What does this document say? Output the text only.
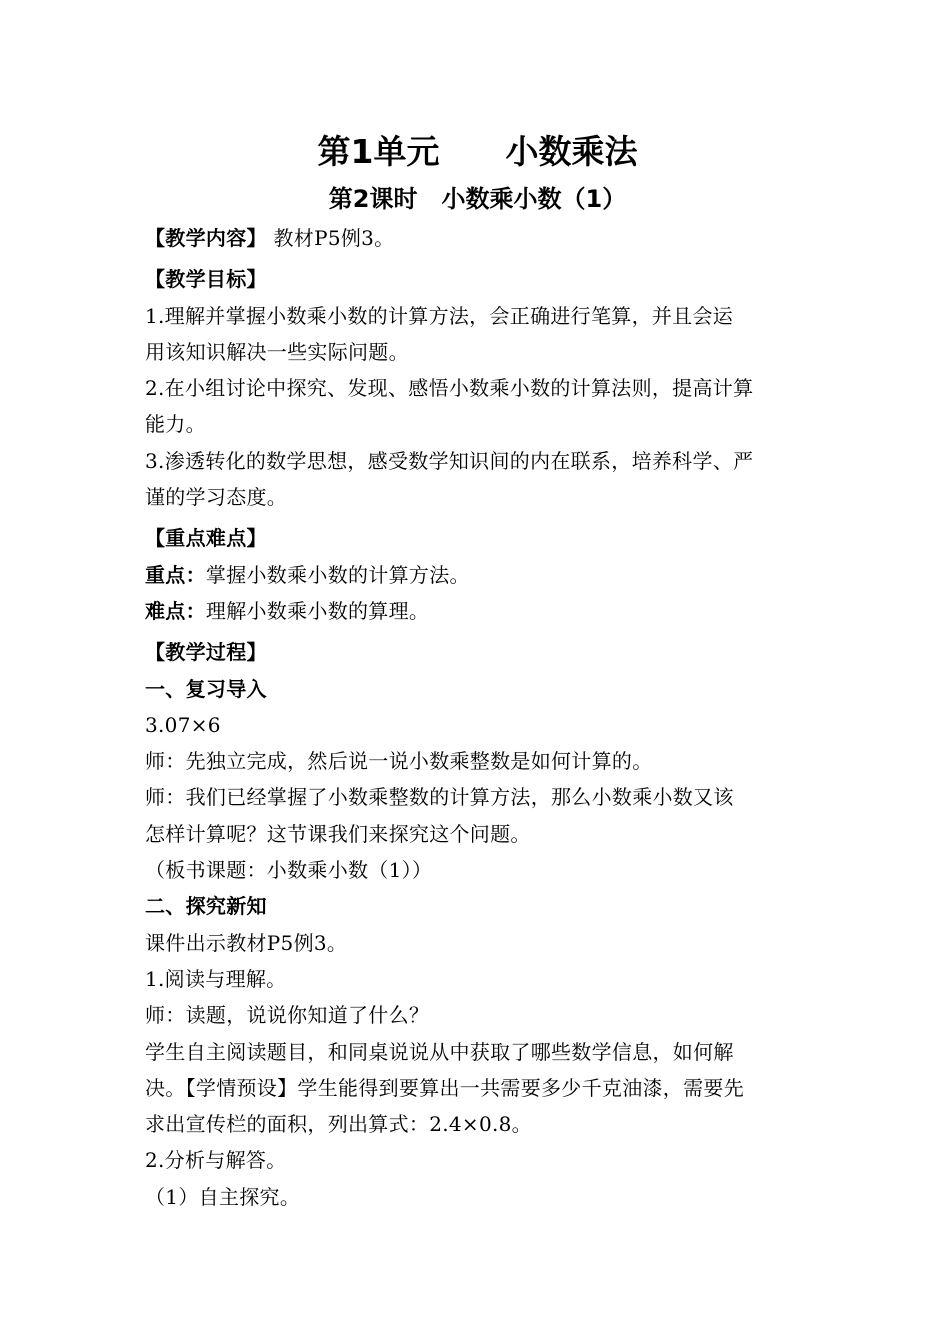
第1单元　　小数乘法
第2课时　小数乘小数（1）
【教学内容】 教材P5例3。
【教学目标】
1.理解并掌握小数乘小数的计算方法，会正确进行笔算，并且会运
用该知识解决一些实际问题。
2.在小组讨论中探究、发现、感悟小数乘小数的计算法则，提高计算
能力。
3.渗透转化的数学思想，感受数学知识间的内在联系，培养科学、严
谨的学习态度。
【重点难点】
重点：掌握小数乘小数的计算方法。
难点：理解小数乘小数的算理。
【教学过程】
一、复习导入
3.07×6
师：先独立完成，然后说一说小数乘整数是如何计算的。
师：我们已经掌握了小数乘整数的计算方法，那么小数乘小数又该
怎样计算呢？这节课我们来探究这个问题。
（板书课题：小数乘小数（1））
二、探究新知
课件出示教材P5例3。
1.阅读与理解。
师：读题，说说你知道了什么？
学生自主阅读题目，和同桌说说从中获取了哪些数学信息，如何解
决。【学情预设】学生能得到要算出一共需要多少千克油漆，需要先
求出宣传栏的面积，列出算式：2.4×0.8。
2.分析与解答。
（1）自主探究。
